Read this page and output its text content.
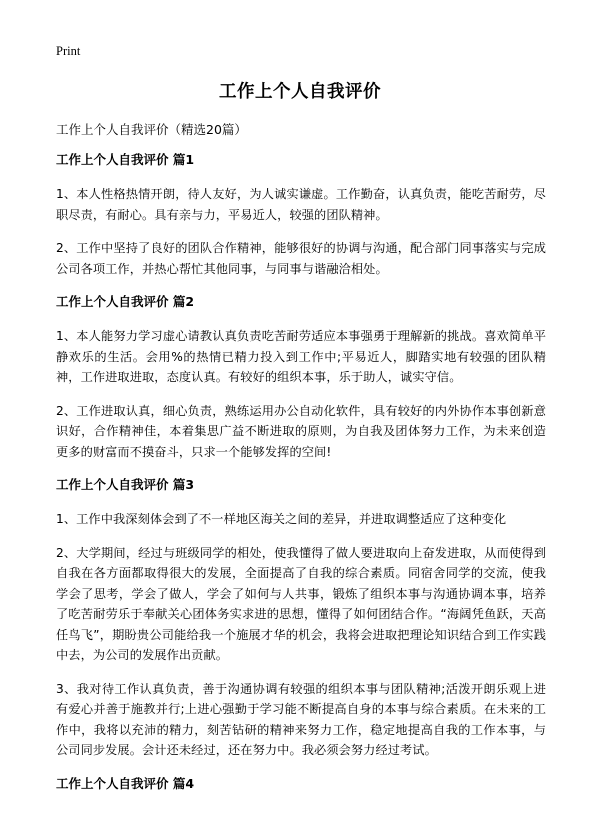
Print
工作上个人自我评价
工作上个人自我评价（精选20篇）
工作上个人自我评价 篇1

1、本人性格热情开朗，待人友好，为人诚实谦虚。工作勤奋，认真负责，能吃苦耐劳，尽职尽责，有耐心。具有亲与力，平易近人，较强的团队精神。

2、工作中坚持了良好的团队合作精神，能够很好的协调与沟通，配合部门同事落实与完成公司各项工作，并热心帮忙其他同事，与同事与谐融洽相处。

工作上个人自我评价 篇2

1、本人能努力学习虚心请教认真负责吃苦耐劳适应本事强勇于理解新的挑战。喜欢简单平静欢乐的生活。会用%的热情已精力投入到工作中;平易近人，脚踏实地有较强的团队精神，工作进取进取，态度认真。有较好的组织本事，乐于助人，诚实守信。

2、工作进取认真，细心负责，熟练运用办公自动化软件，具有较好的内外协作本事创新意识好，合作精神佳，本着集思广益不断进取的原则，为自我及团体努力工作，为未来创造更多的财富而不摸奋斗，只求一个能够发挥的空间!

工作上个人自我评价 篇3

1、工作中我深刻体会到了不一样地区海关之间的差异，并进取调整适应了这种变化

2、大学期间，经过与班级同学的相处，使我懂得了做人要进取向上奋发进取，从而使得到自我在各方面都取得很大的发展，全面提高了自我的综合素质。同宿舍同学的交流，使我学会了思考，学会了做人，学会了如何与人共事，锻炼了组织本事与沟通协调本事，培养了吃苦耐劳乐于奉献关心团体务实求进的思想，懂得了如何团结合作。“海阔凭鱼跃，天高任鸟飞”，期盼贵公司能给我一个施展才华的机会，我将会进取把理论知识结合到工作实践中去，为公司的发展作出贡献。

3、我对待工作认真负责，善于沟通协调有较强的组织本事与团队精神;活泼开朗乐观上进有爱心并善于施教并行;上进心强勤于学习能不断提高自身的本事与综合素质。在未来的工作中，我将以充沛的精力，刻苦钻研的精神来努力工作，稳定地提高自我的工作本事，与公司同步发展。会计还未经过，还在努力中。我必须会努力经过考试。

工作上个人自我评价 篇4
